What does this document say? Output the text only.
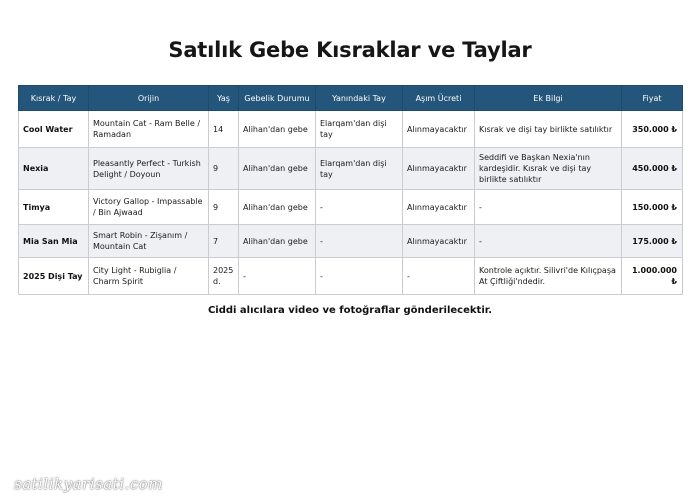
Satılık Gebe Kısraklar ve Taylar
Kısrak / Tay	Orijin	Yaş	Gebelik Durumu	Yanındaki Tay	Aşım Ücreti	Ek Bilgi	Fiyat
Cool Water	Mountain Cat - Ram Belle / Ramadan	14	Alihan'dan gebe	Elarqam'dan dişi tay	Alınmayacaktır	Kısrak ve dişi tay birlikte satılıktır	350.000 ₺
Nexia	Pleasantly Perfect - Turkish Delight / Doyoun	9	Alihan'dan gebe	Elarqam'dan dişi tay	Alınmayacaktır	Seddifi ve Başkan Nexia'nın kardeşidir. Kısrak ve dişi tay birlikte satılıktır	450.000 ₺
Timya	Victory Gallop - Impassable / Bin Ajwaad	9	Alihan'dan gebe	-	Alınmayacaktır	-	150.000 ₺
Mia San Mia	Smart Robin - Zişanım / Mountain Cat	7	Alihan'dan gebe	-	Alınmayacaktır	-	175.000 ₺
2025 Dişi Tay	City Light - Rubiglia / Charm Spirit	2025 d.	-	-	-	Kontrole açıktır. Silivri'de Kılıçpaşa At Çiftliği'ndedir.	1.000.000 ₺
Ciddi alıcılara video ve fotoğraflar gönderilecektir.
satilikyarisati.com
